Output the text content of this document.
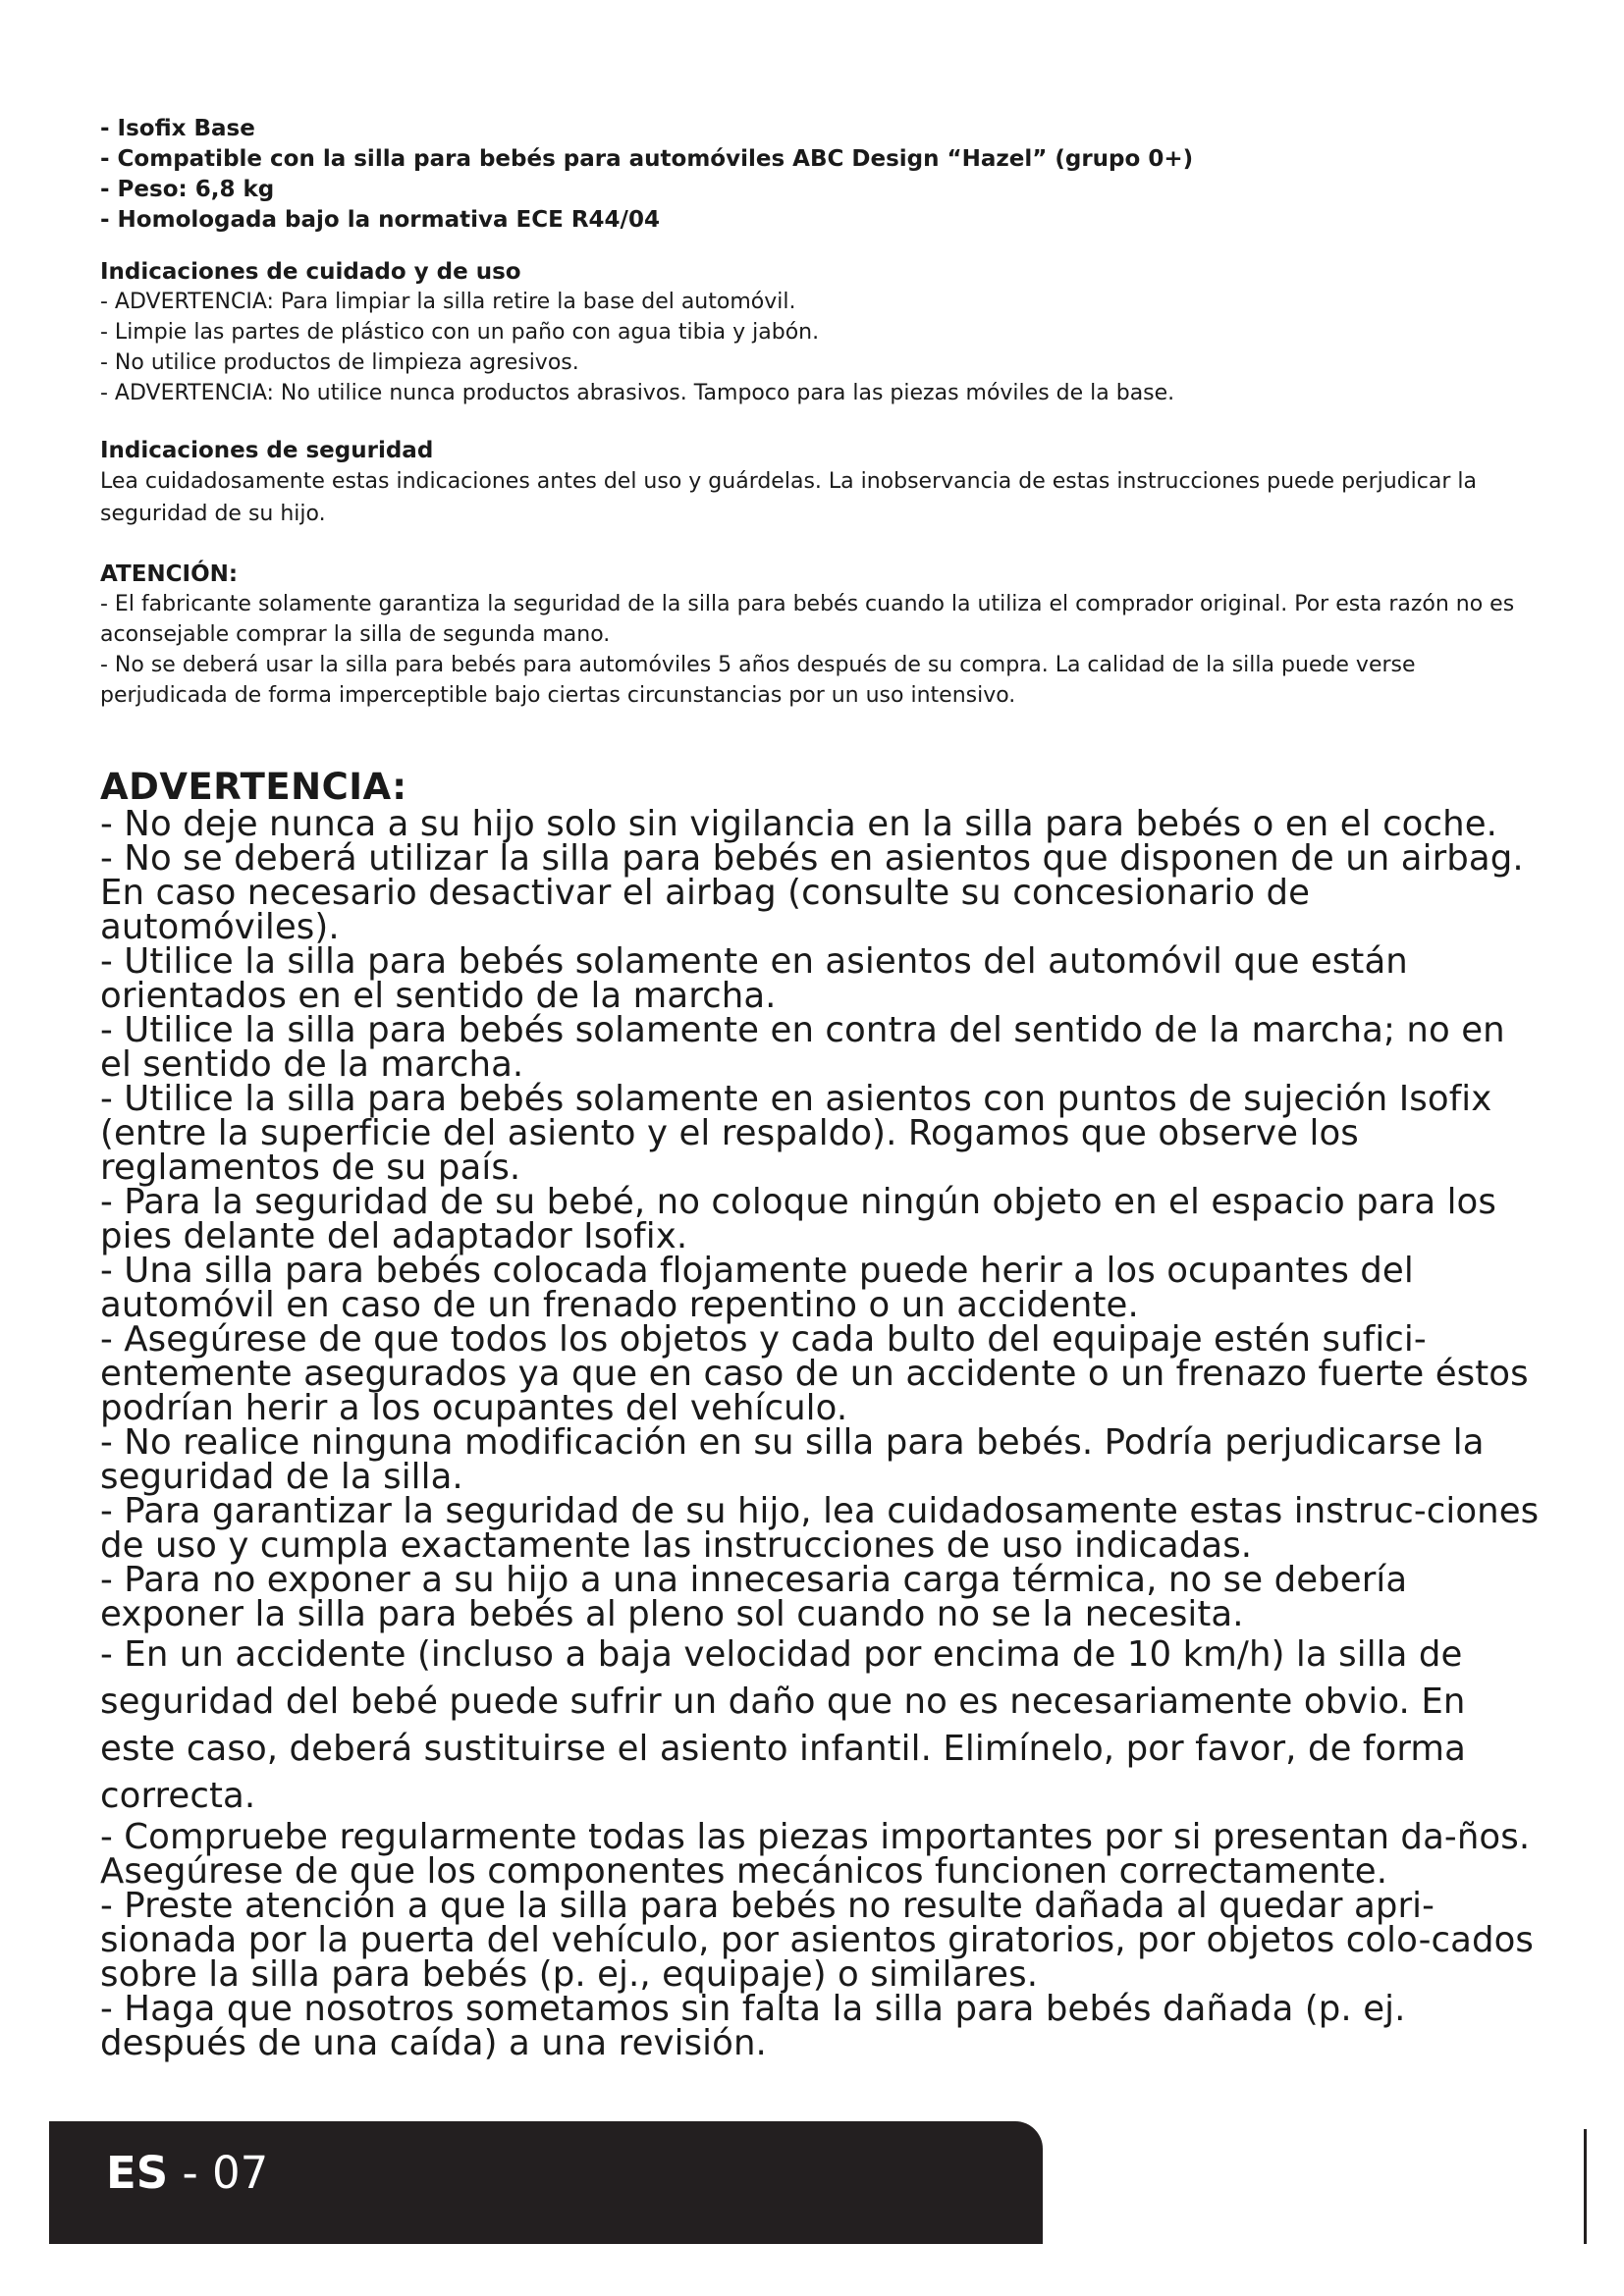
- Isofix Base
- Compatible con la silla para bebés para automóviles ABC Design “Hazel” (grupo 0+)
- Peso: 6,8 kg
- Homologada bajo la normativa ECE R44/04
Indicaciones de cuidado y de uso
- ADVERTENCIA: Para limpiar la silla retire la base del automóvil.
- Limpie las partes de plástico con un paño con agua tibia y jabón.
- No utilice productos de limpieza agresivos.
- ADVERTENCIA: No utilice nunca productos abrasivos. Tampoco para las piezas móviles de la base.
Indicaciones de seguridad
Lea cuidadosamente estas indicaciones antes del uso y guárdelas. La inobservancia de estas instrucciones puede perjudicar la seguridad de su hijo.
ATENCIÓN:
- El fabricante solamente garantiza la seguridad de la silla para bebés cuando la utiliza el comprador original. Por esta razón no es aconsejable comprar la silla de segunda mano.
- No se deberá usar la silla para bebés para automóviles 5 años después de su compra. La calidad de la silla puede verse perjudicada de forma imperceptible bajo ciertas circunstancias por un uso intensivo.
ADVERTENCIA:
- No deje nunca a su hijo solo sin vigilancia en la silla para bebés o en el coche.
- No se deberá utilizar la silla para bebés en asientos que disponen de un airbag. En caso necesario desactivar el airbag (consulte su concesionario de automóviles).
- Utilice la silla para bebés solamente en asientos del automóvil que están orientados en el sentido de la marcha.
- Utilice la silla para bebés solamente en contra del sentido de la marcha; no en el sentido de la marcha.
- Utilice la silla para bebés solamente en asientos con puntos de sujeción Isofix (entre la superficie del asiento y el respaldo). Rogamos que observe los reglamentos de su país.
- Para la seguridad de su bebé, no coloque ningún objeto en el espacio para los pies delante del adaptador Isofix.
- Una silla para bebés colocada flojamente puede herir a los ocupantes del automóvil en caso de un frenado repentino o un accidente.
- Asegúrese de que todos los objetos y cada bulto del equipaje estén sufici-entemente asegurados ya que en caso de un accidente o un frenazo fuerte éstos podrían herir a los ocupantes del vehículo.
- No realice ninguna modificación en su silla para bebés. Podría perjudicarse la seguridad de la silla.
- Para garantizar la seguridad de su hijo, lea cuidadosamente estas instruc-ciones de uso y cumpla exactamente las instrucciones de uso indicadas.
- Para no exponer a su hijo a una innecesaria carga térmica, no se debería exponer la silla para bebés al pleno sol cuando no se la necesita.
- En un accidente (incluso a baja velocidad por encima de 10 km/h) la silla de seguridad del bebé puede sufrir un daño que no es necesariamente obvio. En este caso, deberá sustituirse el asiento infantil. Elimínelo, por favor, de forma correcta.
- Compruebe regularmente todas las piezas importantes por si presentan da-ños. Asegúrese de que los componentes mecánicos funcionen correctamente.
- Preste atención a que la silla para bebés no resulte dañada al quedar apri-sionada por la puerta del vehículo, por asientos giratorios, por objetos colo-cados sobre la silla para bebés (p. ej., equipaje) o similares.
- Haga que nosotros sometamos sin falta la silla para bebés dañada (p. ej. después de una caída) a una revisión.
ES - 07
